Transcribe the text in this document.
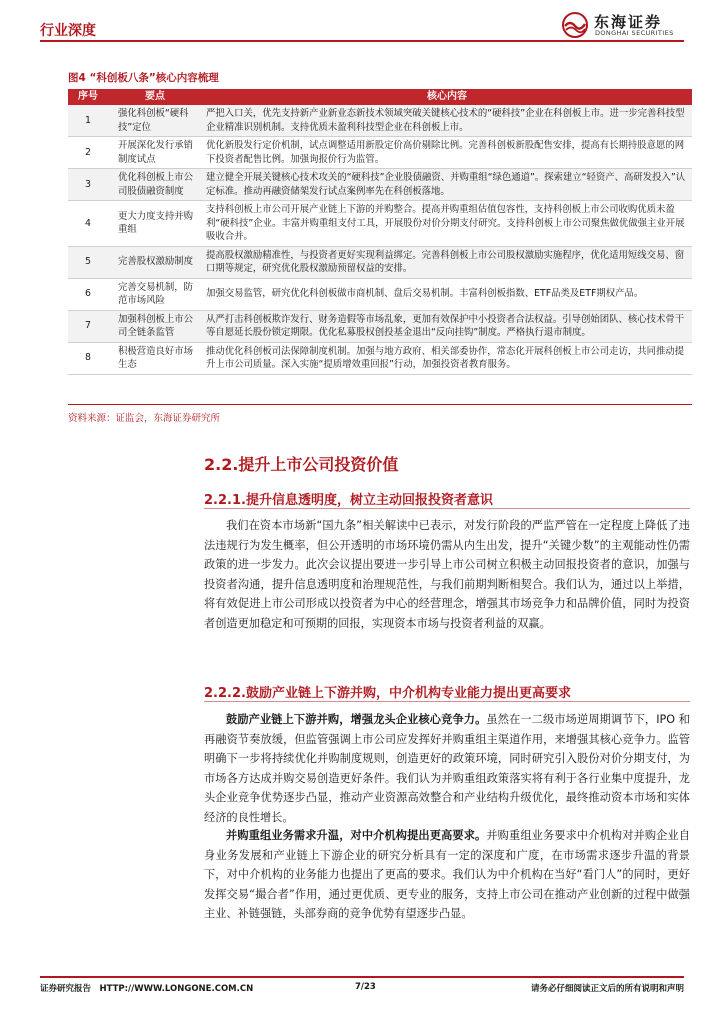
行业深度	东海证券
DONGHAI SECURITIES
图4 “科创板八条”核心内容梳理
序号	要点	核心内容
1	强化科创板“硬科技”定位	严把入口关，优先支持新产业新业态新技术领域突破关键核心技术的“硬科技”企业在科创板上市。进一步完善科技型企业精准识别机制。支持优质未盈利科技型企业在科创板上市。
2	开展深化发行承销制度试点	优化新股发行定价机制，试点调整适用新股定价高价剔除比例。完善科创板新股配售安排，提高有长期持股意愿的网下投资者配售比例。加强询报价行为监管。
3	优化科创板上市公司股债融资制度	建立健全开展关键核心技术攻关的“硬科技”企业股债融资、并购重组“绿色通道”。探索建立“轻资产、高研发投入”认定标准。推动再融资储架发行试点案例率先在科创板落地。
4	更大力度支持并购重组	支持科创板上市公司开展产业链上下游的并购整合。提高并购重组估值包容性，支持科创板上市公司收购优质未盈利“硬科技”企业。丰富并购重组支付工具，开展股份对价分期支付研究。支持科创板上市公司聚焦做优做强主业开展吸收合并。
5	完善股权激励制度	提高股权激励精准性，与投资者更好实现利益绑定。完善科创板上市公司股权激励实施程序，优化适用短线交易、窗口期等规定，研究优化股权激励预留权益的安排。
6	完善交易机制，防范市场风险	加强交易监管，研究优化科创板做市商机制、盘后交易机制。丰富科创板指数、ETF品类及ETF期权产品。
7	加强科创板上市公司全链条监管	从严打击科创板欺诈发行、财务造假等市场乱象，更加有效保护中小投资者合法权益。引导创始团队、核心技术骨干等自愿延长股份锁定期限。优化私募股权创投基金退出“反向挂钩”制度。严格执行退市制度。
8	积极营造良好市场生态	推动优化科创板司法保障制度机制。加强与地方政府、相关部委协作，常态化开展科创板上市公司走访，共同推动提升上市公司质量。深入实施“提质增效重回报”行动，加强投资者教育服务。
资料来源：证监会，东海证券研究所
2.2.提升上市公司投资价值
2.2.1.提升信息透明度，树立主动回报投资者意识
我们在资本市场新“国九条”相关解读中已表示，对发行阶段的严监严管在一定程度上降低了违法违规行为发生概率，但公开透明的市场环境仍需从内生出发，提升“关键少数”的主观能动性仍需政策的进一步发力。此次会议提出要进一步引导上市公司树立积极主动回报投资者的意识，加强与投资者沟通，提升信息透明度和治理规范性，与我们前期判断相契合。我们认为，通过以上举措，将有效促进上市公司形成以投资者为中心的经营理念，增强其市场竞争力和品牌价值，同时为投资者创造更加稳定和可预期的回报，实现资本市场与投资者利益的双赢。
2.2.2.鼓励产业链上下游并购，中介机构专业能力提出更高要求
鼓励产业链上下游并购，增强龙头企业核心竞争力。虽然在一二级市场逆周期调节下，IPO 和再融资节奏放缓，但监管强调上市公司应发挥好并购重组主渠道作用，来增强其核心竞争力。监管明确下一步将持续优化并购制度规则，创造更好的政策环境，同时研究引入股份对价分期支付，为市场各方达成并购交易创造更好条件。我们认为并购重组政策落实将有利于各行业集中度提升，龙头企业竞争优势逐步凸显，推动产业资源高效整合和产业结构升级优化，最终推动资本市场和实体经济的良性增长。
并购重组业务需求升温，对中介机构提出更高要求。并购重组业务要求中介机构对并购企业自身业务发展和产业链上下游企业的研究分析具有一定的深度和广度，在市场需求逐步升温的背景下，对中介机构的业务能力也提出了更高的要求。我们认为中介机构在当好“看门人”的同时，更好发挥交易“撮合者”作用，通过更优质、更专业的服务，支持上市公司在推动产业创新的过程中做强主业、补链强链，头部券商的竞争优势有望逐步凸显。
证券研究报告　HTTP://WWW.LONGONE.COM.CN	7/23	请务必仔细阅读正文后的所有说明和声明
